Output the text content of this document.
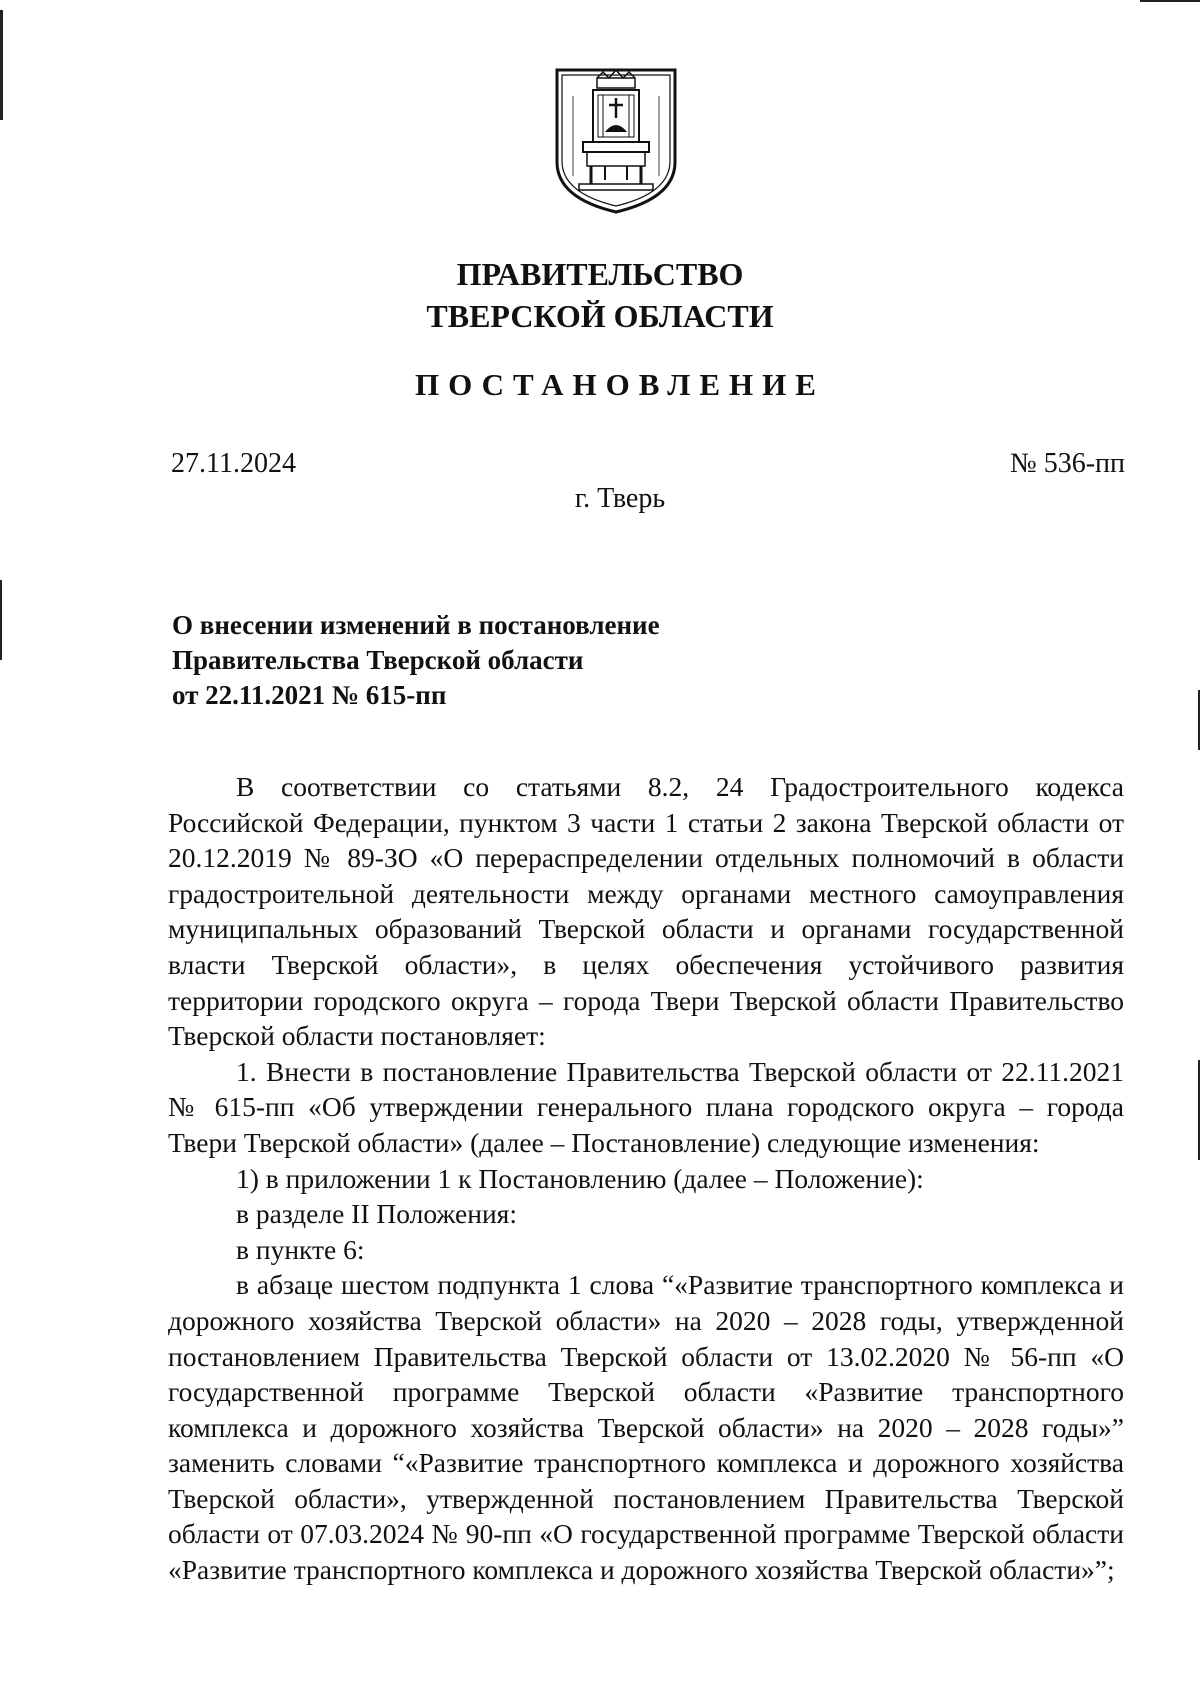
ПРАВИТЕЛЬСТВО
ТВЕРСКОЙ ОБЛАСТИ
ПОСТАНОВЛЕНИЕ
27.11.2024	№ 536-пп
г. Тверь
О внесении изменений в постановление
Правительства Тверской области
от 22.11.2021 № 615-пп

В соответствии со статьями 8.2, 24 Градостроительного кодекса Российской Федерации, пунктом 3 части 1 статьи 2 закона Тверской области от 20.12.2019 № 89-ЗО «О перераспределении отдельных полномочий в области градостроительной деятельности между органами местного самоуправления муниципальных образований Тверской области и органами государственной власти Тверской области», в целях обеспечения устойчивого развития территории городского округа – города Твери Тверской области Правительство Тверской области постановляет:

1. Внести в постановление Правительства Тверской области от 22.11.2021 № 615-пп «Об утверждении генерального плана городского округа – города Твери Тверской области» (далее – Постановление) следующие изменения:

1) в приложении 1 к Постановлению (далее – Положение):

в разделе II Положения:

в пункте 6:

в абзаце шестом подпункта 1 слова “«Развитие транспортного комплекса и дорожного хозяйства Тверской области» на 2020 – 2028 годы, утвержденной постановлением Правительства Тверской области от 13.02.2020 № 56-пп «О государственной программе Тверской области «Развитие транспортного комплекса и дорожного хозяйства Тверской области» на 2020 – 2028 годы»” заменить словами “«Развитие транспортного комплекса и дорожного хозяйства Тверской области», утвержденной постановлением Правительства Тверской области от 07.03.2024 № 90-пп «О государственной программе Тверской области «Развитие транспортного комплекса и дорожного хозяйства Тверской области»”;
